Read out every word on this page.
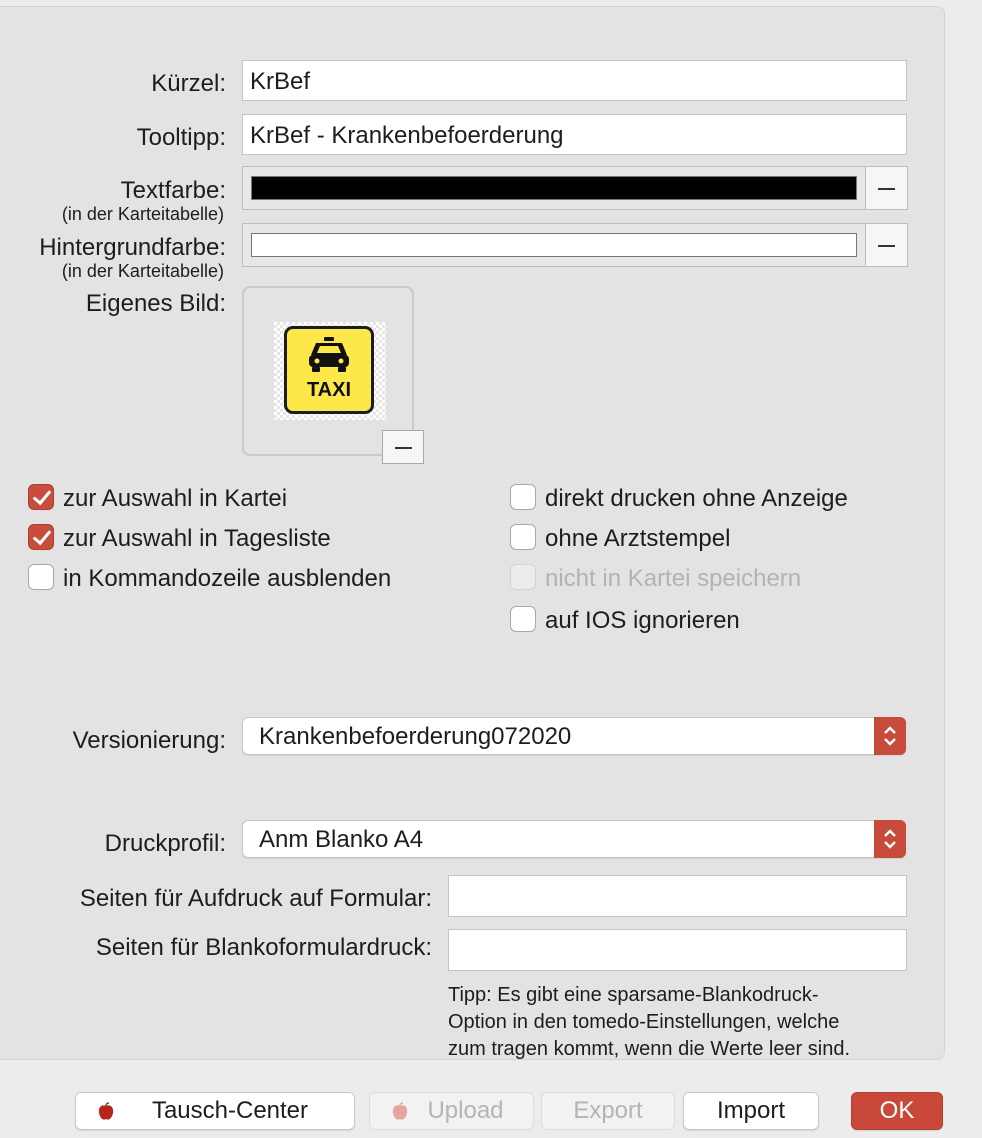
Kürzel:	KrBef
Tooltipp:	KrBef - Krankenbefoerderung
Textfarbe:
(in der Karteitabelle)
Hintergrundfarbe:
(in der Karteitabelle)
Eigenes Bild:
TAXI
zur Auswahl in Kartei
zur Auswahl in Tagesliste
in Kommandozeile ausblenden
direkt drucken ohne Anzeige
ohne Arztstempel
nicht in Kartei speichern
auf IOS ignorieren
Versionierung: Krankenbefoerderung072020
Druckprofil: Anm Blanko A4
Seiten für Aufdruck auf Formular:
Seiten für Blankoformulardruck:
Tipp: Es gibt eine sparsame-Blankodruck-
Option in den tomedo-Einstellungen, welche
zum tragen kommt, wenn die Werte leer sind.
Tausch-Center	Upload	Export	Import	OK
